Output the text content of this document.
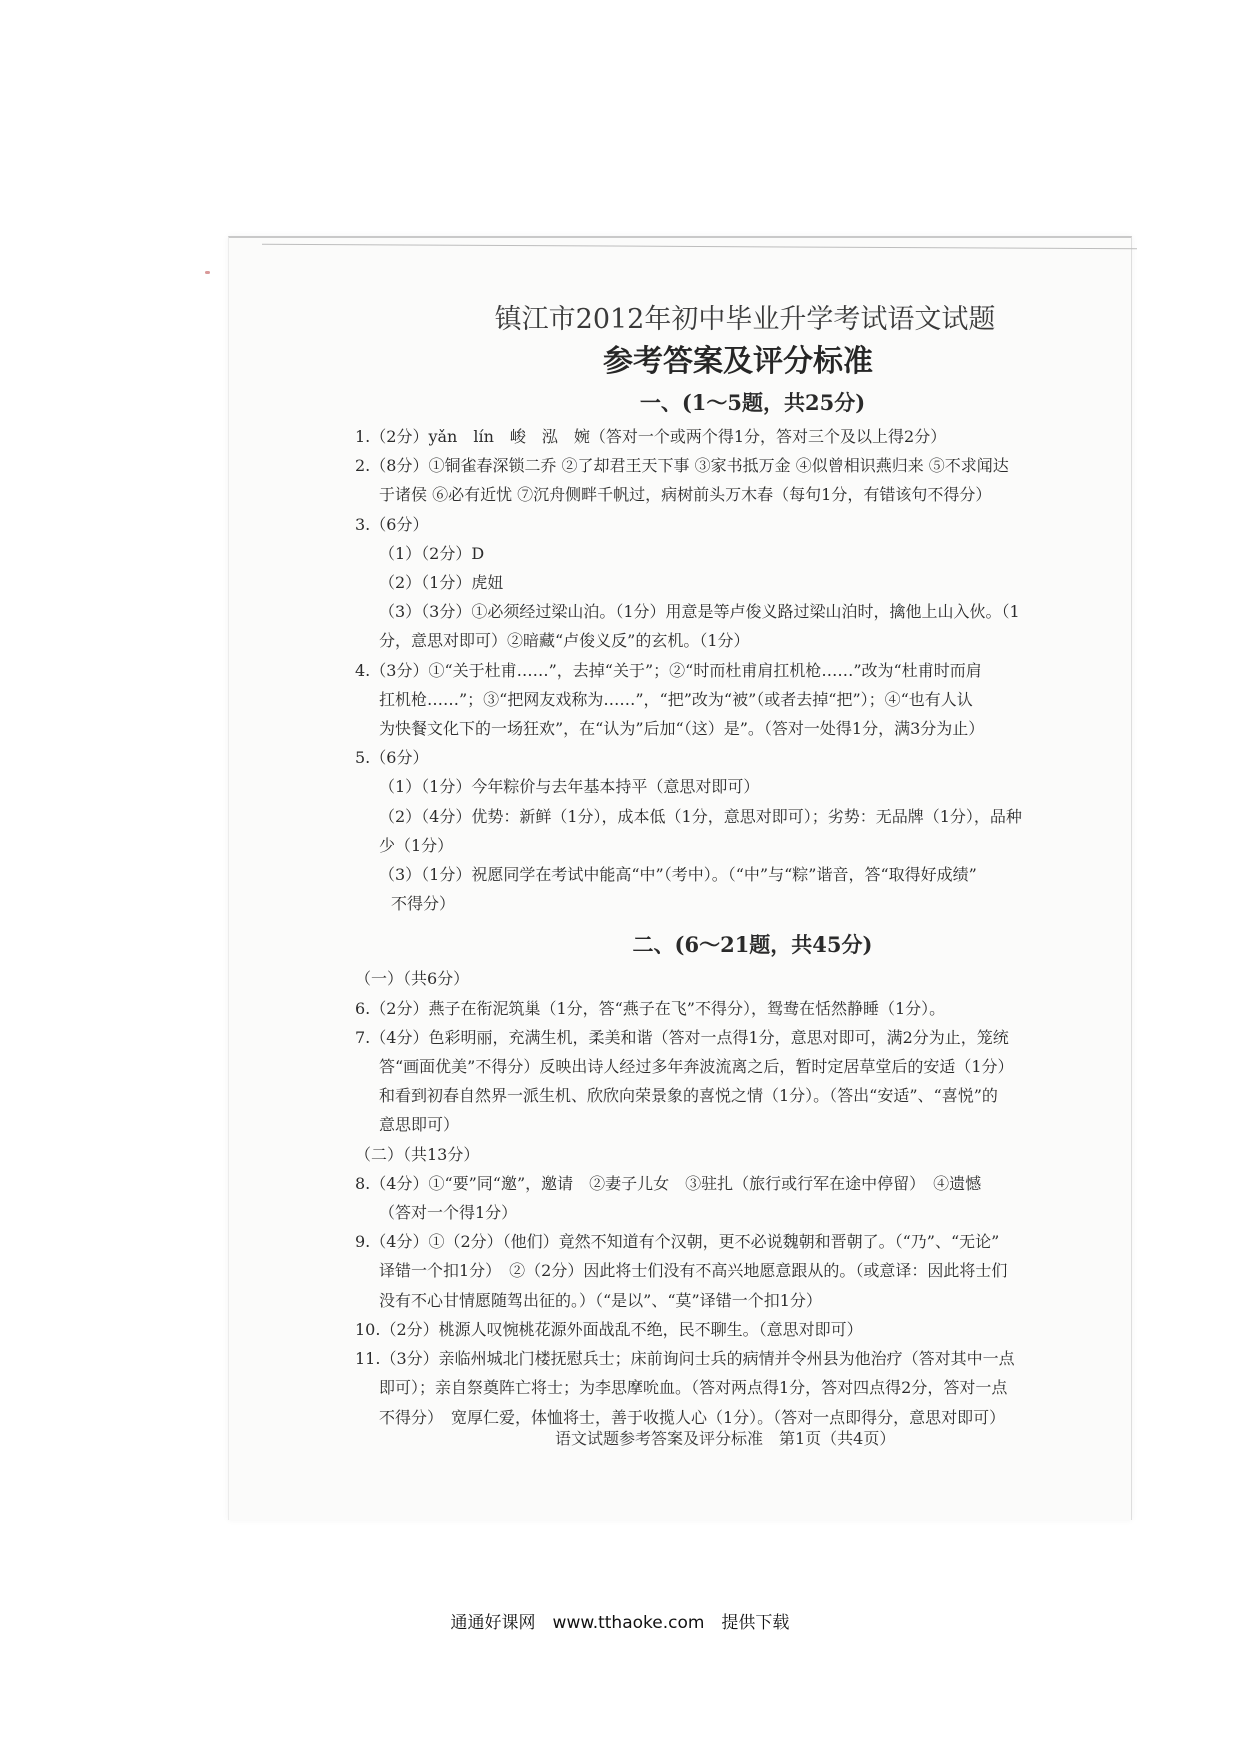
镇江市2012年初中毕业升学考试语文试题
参考答案及评分标准
一、(1～5题，共25分)
1.（2分）yǎn　lín　峻　泓　婉（答对一个或两个得1分，答对三个及以上得2分）
2.（8分）①铜雀春深锁二乔 ②了却君王天下事 ③家书抵万金 ④似曾相识燕归来 ⑤不求闻达
于诸侯 ⑥必有近忧 ⑦沉舟侧畔千帆过，病树前头万木春（每句1分，有错该句不得分）
3.（6分）
（1）（2分）D
（2）（1分）虎妞
（3）（3分）①必须经过梁山泊。（1分）用意是等卢俊义路过梁山泊时，擒他上山入伙。（1
分，意思对即可）②暗藏“卢俊义反”的玄机。（1分）
4.（3分）①“关于杜甫……”，去掉“关于”；②“时而杜甫肩扛机枪……”改为“杜甫时而肩
扛机枪……”；③“把网友戏称为……”，“把”改为“被”（或者去掉“把”）；④“也有人认
为快餐文化下的一场狂欢”，在“认为”后加“（这）是”。（答对一处得1分，满3分为止）
5.（6分）
（1）（1分）今年粽价与去年基本持平（意思对即可）
（2）（4分）优势：新鲜（1分），成本低（1分，意思对即可）；劣势：无品牌（1分），品种
少（1分）
（3）（1分）祝愿同学在考试中能高“中”（考中）。（“中”与“粽”谐音，答“取得好成绩”
不得分）
二、(6～21题，共45分)
（一）（共6分）
6.（2分）燕子在衔泥筑巢（1分，答“燕子在飞”不得分），鸳鸯在恬然静睡（1分）。
7.（4分）色彩明丽，充满生机，柔美和谐（答对一点得1分，意思对即可，满2分为止，笼统
答“画面优美”不得分）反映出诗人经过多年奔波流离之后，暂时定居草堂后的安适（1分）
和看到初春自然界一派生机、欣欣向荣景象的喜悦之情（1分）。（答出“安适”、“喜悦”的
意思即可）
（二）（共13分）
8.（4分）①“要”同“邀”，邀请　②妻子儿女　③驻扎（旅行或行军在途中停留）　④遗憾
（答对一个得1分）
9.（4分）①（2分）（他们）竟然不知道有个汉朝，更不必说魏朝和晋朝了。（“乃”、“无论”
译错一个扣1分）　②（2分）因此将士们没有不高兴地愿意跟从的。（或意译：因此将士们
没有不心甘情愿随驾出征的。）（“是以”、“莫”译错一个扣1分）
10.（2分）桃源人叹惋桃花源外面战乱不绝，民不聊生。（意思对即可）
11.（3分）亲临州城北门楼抚慰兵士；床前询问士兵的病情并令州县为他治疗（答对其中一点
即可）；亲自祭奠阵亡将士；为李思摩吮血。（答对两点得1分，答对四点得2分，答对一点
不得分）　宽厚仁爱，体恤将士，善于收揽人心（1分）。（答对一点即得分，意思对即可）
语文试题参考答案及评分标准　第1页（共4页）
通通好课网　www.tthaoke.com　提供下载
